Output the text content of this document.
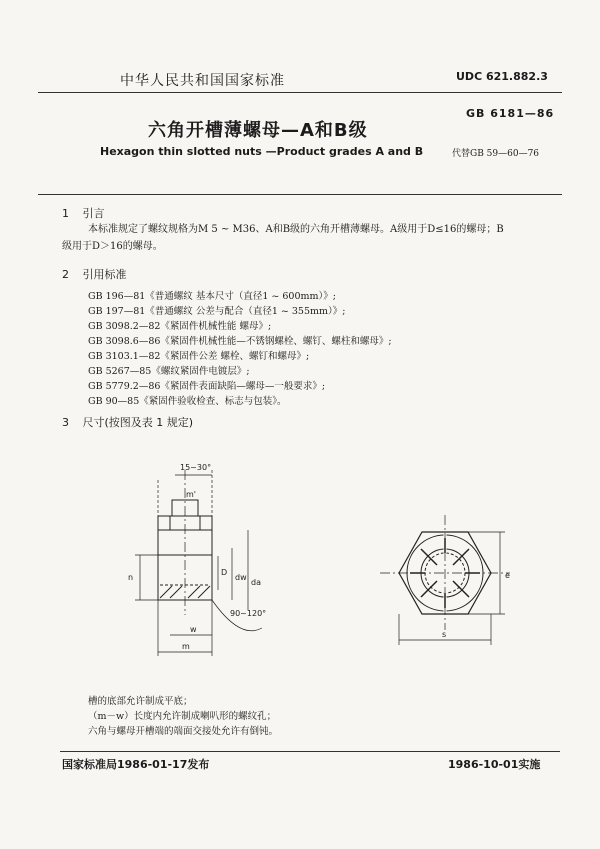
中华人民共和国国家标准	UDC 621.882.3
GB 6181—86
六角开槽薄螺母—A和B级
Hexagon thin slotted nuts —Product grades A and B	代替GB 59—60—76
1 引言
本标准规定了螺纹规格为M 5 ~ M36、A和B级的六角开槽薄螺母。A级用于D≤16的螺母；B
级用于D＞16的螺母。
2 引用标准
GB 196—81《普通螺纹 基本尺寸（直径1 ~ 600mm）》;
GB 197—81《普通螺纹 公差与配合（直径1 ~ 355mm）》;
GB 3098.2—82《紧固件机械性能 螺母》;
GB 3098.6—86《紧固件机械性能—不锈钢螺栓、螺钉、螺柱和螺母》;
GB 3103.1—82《紧固件公差 螺栓、螺钉和螺母》;
GB 5267—85《螺纹紧固件电镀层》;
GB 5779.2—86《紧固件表面缺陷—螺母—一般要求》;
GB 90—85《紧固件验收检查、标志与包装》。
3 尺寸(按图及表 1 规定)
15~30°
m'
n
D
dw
da
90~120°
w
m
e
s
槽的底部允许制成平底；
（m－w）长度内允许制成喇叭形的螺纹孔；
六角与螺母开槽端的端面交接处允许有倒钝。
国家标准局1986-01-17发布	1986-10-01实施
